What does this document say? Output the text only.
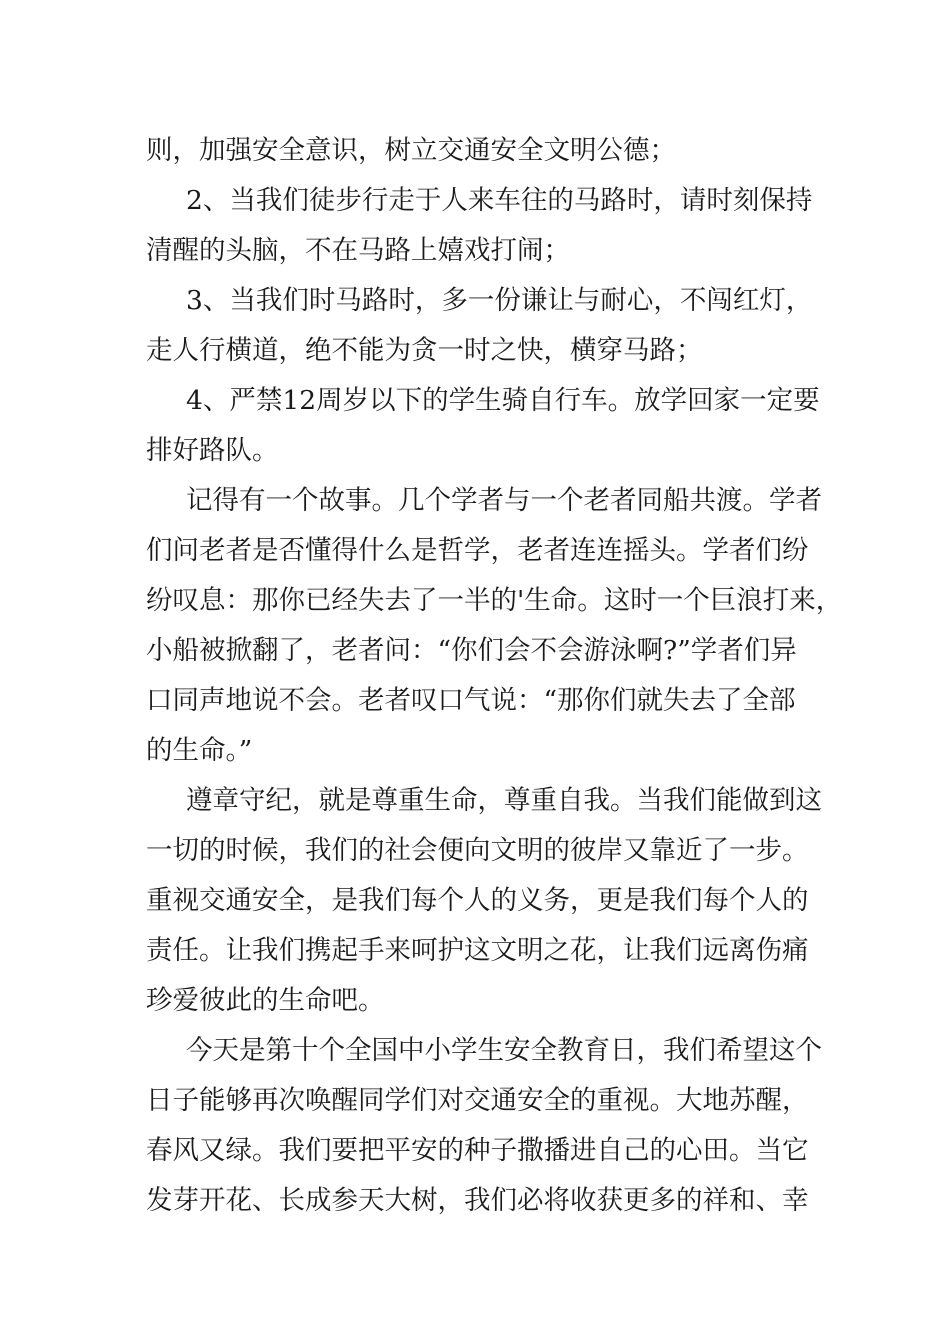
则，加强安全意识，树立交通安全文明公德；
2、当我们徒步行走于人来车往的马路时，请时刻保持
清醒的头脑，不在马路上嬉戏打闹；
3、当我们时马路时，多一份谦让与耐心，不闯红灯，
走人行横道，绝不能为贪一时之快，横穿马路；
4、严禁12周岁以下的学生骑自行车。放学回家一定要
排好路队。
记得有一个故事。几个学者与一个老者同船共渡。学者
们问老者是否懂得什么是哲学，老者连连摇头。学者们纷
纷叹息：那你已经失去了一半的'生命。这时一个巨浪打来，
小船被掀翻了，老者问：“你们会不会游泳啊?”学者们异
口同声地说不会。老者叹口气说：“那你们就失去了全部
的生命。”
遵章守纪，就是尊重生命，尊重自我。当我们能做到这
一切的时候，我们的社会便向文明的彼岸又靠近了一步。
重视交通安全，是我们每个人的义务，更是我们每个人的
责任。让我们携起手来呵护这文明之花，让我们远离伤痛
珍爱彼此的生命吧。
今天是第十个全国中小学生安全教育日，我们希望这个
日子能够再次唤醒同学们对交通安全的重视。大地苏醒，
春风又绿。我们要把平安的种子撒播进自己的心田。当它
发芽开花、长成参天大树，我们必将收获更多的祥和、幸
